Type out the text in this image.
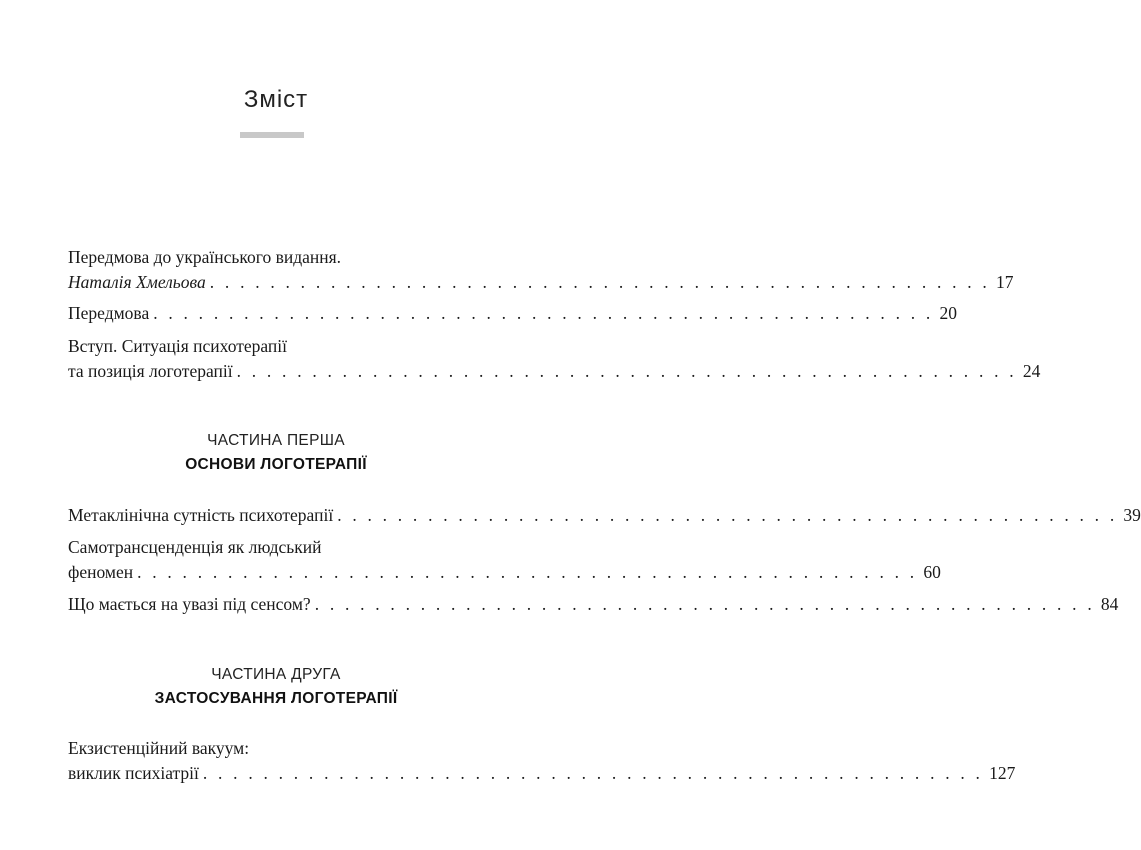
Зміст
Передмова до українського видання.
Наталія Хмельова . . . . . . . . . . . . . . . . . . . . . . . . . . . . . . . . . . . . . . . . . . . . . . . . . . . . 17
Передмова . . . . . . . . . . . . . . . . . . . . . . . . . . . . . . . . . . . . . . . . . . . . . . . . . . . . 20
Вступ. Ситуація психотерапії
та позиція логотерапії . . . . . . . . . . . . . . . . . . . . . . . . . . . . . . . . . . . . . . . . . . . . . . . . . . . . 24
ЧАСТИНА ПЕРША
ОСНОВИ ЛОГОТЕРАПІЇ
Метаклінічна сутність психотерапії . . . . . . . . . . . . . . . . . . . . . . . . . . . . . . . . . . . . . . . . . . . . . . . . . . . . 39
Самотрансценденція як людський
феномен . . . . . . . . . . . . . . . . . . . . . . . . . . . . . . . . . . . . . . . . . . . . . . . . . . . . 60
Що мається на увазі під сенсом? . . . . . . . . . . . . . . . . . . . . . . . . . . . . . . . . . . . . . . . . . . . . . . . . . . . . 84
ЧАСТИНА ДРУГА
ЗАСТОСУВАННЯ ЛОГОТЕРАПІЇ
Екзистенційний вакуум:
виклик психіатрії . . . . . . . . . . . . . . . . . . . . . . . . . . . . . . . . . . . . . . . . . . . . . . . . . . . . 127
